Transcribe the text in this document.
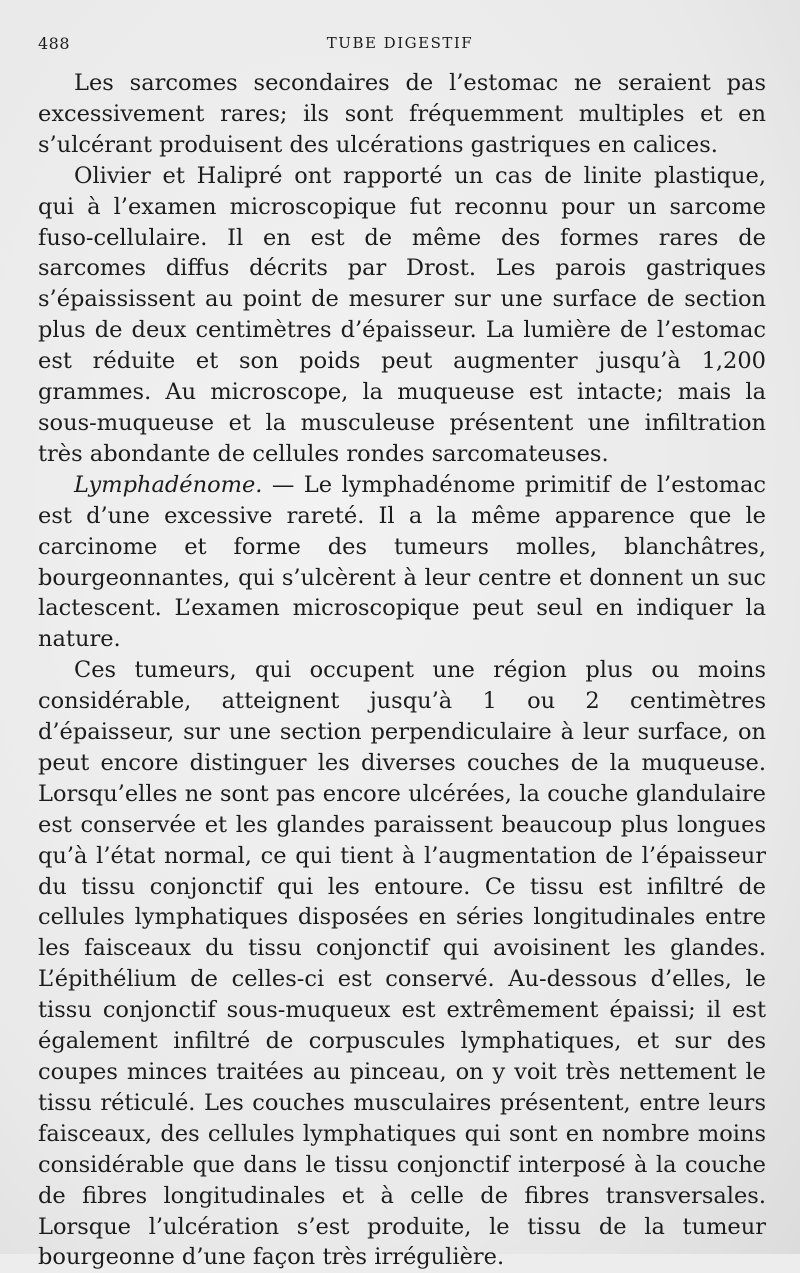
488	TUBE DIGESTIF

Les sarcomes secondaires de l’estomac ne seraient pas excessivement rares; ils sont fréquemment multiples et en s’ulcérant produisent des ulcérations gastriques en calices.

Olivier et Halipré ont rapporté un cas de linite plastique, qui à l’examen microscopique fut reconnu pour un sarcome fuso-cellulaire. Il en est de même des formes rares de sarcomes diffus décrits par Drost. Les parois gastriques s’épaississent au point de mesurer sur une surface de section plus de deux centimètres d’épaisseur. La lumière de l’estomac est réduite et son poids peut augmenter jusqu’à 1,200 grammes. Au microscope, la muqueuse est intacte; mais la sous-muqueuse et la musculeuse présentent une infiltration très abondante de cellules rondes sarcomateuses.

Lymphadénome. — Le lymphadénome primitif de l’estomac est d’une excessive rareté. Il a la même apparence que le carcinome et forme des tumeurs molles, blanchâtres, bourgeonnantes, qui s’ulcèrent à leur centre et donnent un suc lactescent. L’examen microscopique peut seul en indiquer la nature.

Ces tumeurs, qui occupent une région plus ou moins considérable, atteignent jusqu’à 1 ou 2 centimètres d’épaisseur, sur une section perpendiculaire à leur surface, on peut encore distinguer les diverses couches de la muqueuse. Lorsqu’elles ne sont pas encore ulcérées, la couche glandulaire est conservée et les glandes paraissent beaucoup plus longues qu’à l’état normal, ce qui tient à l’augmentation de l’épaisseur du tissu conjonctif qui les entoure. Ce tissu est infiltré de cellules lymphatiques disposées en séries longitudinales entre les faisceaux du tissu conjonctif qui avoisinent les glandes. L’épithélium de celles-ci est conservé. Au-dessous d’elles, le tissu conjonctif sous-muqueux est extrêmement épaissi; il est également infiltré de corpuscules lymphatiques, et sur des coupes minces traitées au pinceau, on y voit très nettement le tissu réticulé. Les couches musculaires présentent, entre leurs faisceaux, des cellules lymphatiques qui sont en nombre moins considérable que dans le tissu conjonctif interposé à la couche de fibres longitudinales et à celle de fibres transversales. Lorsque l’ulcération s’est produite, le tissu de la tumeur bourgeonne d’une façon très irrégulière.
